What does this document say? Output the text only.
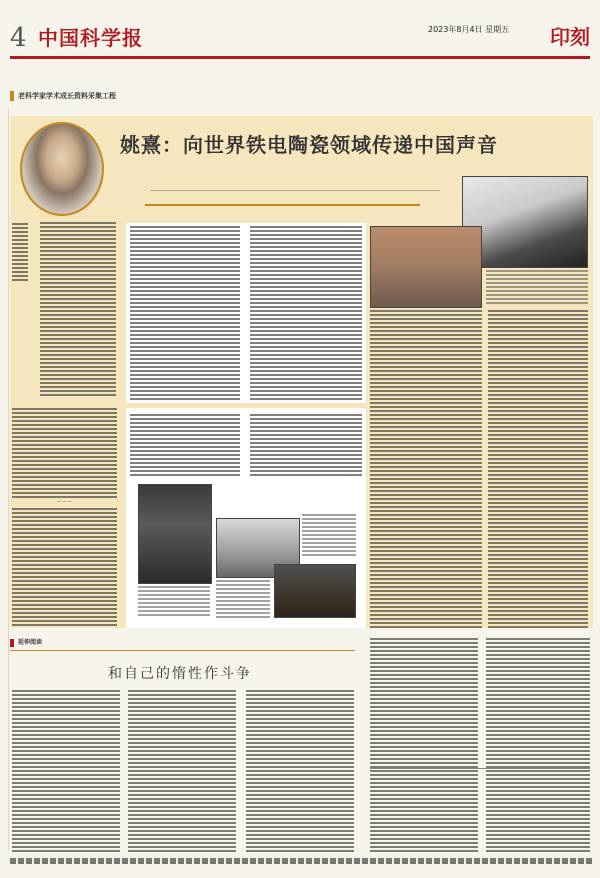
4 中国科学报	2023年8月4日 星期五 印刻
老科学家学术成长资料采集工程
姚熹：向世界铁电陶瓷领域传递中国声音
— — —
延伸阅读
和自己的惰性作斗争
